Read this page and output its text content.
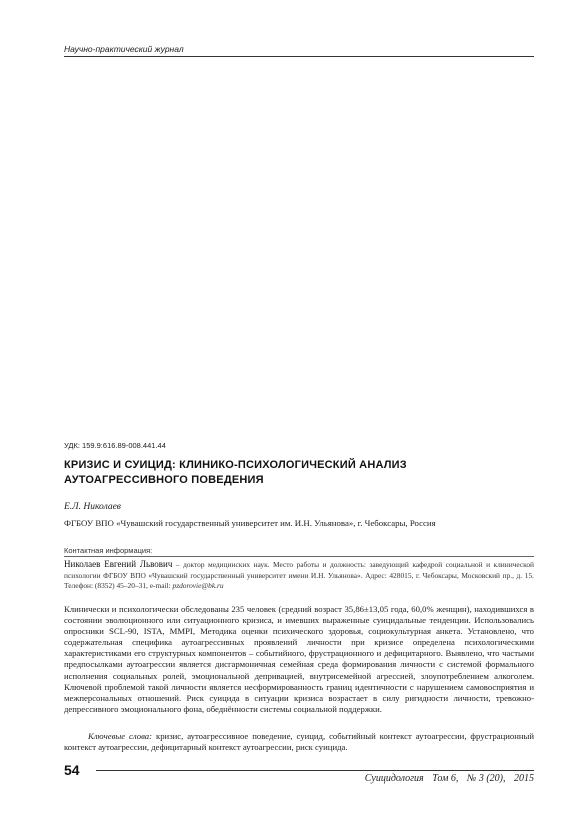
Научно-практический журнал
УДК: 159.9:616.89-008.441.44
КРИЗИС И СУИЦИД: КЛИНИКО-ПСИХОЛОГИЧЕСКИЙ АНАЛИЗ
АУТОАГРЕССИВНОГО ПОВЕДЕНИЯ
Е.Л. Николаев
ФГБОУ ВПО «Чувашский государственный университет им. И.Н. Ульянова», г. Чебоксары, Россия
Контактная информация:
Николаев Евгений Львович – доктор медицинских наук. Место работы и должность: заведующий кафедрой социальной и клинической психологии ФГБОУ ВПО «Чувашский государственный университет имени И.Н. Ульянова». Адрес: 428015, г. Чебоксары, Московский пр., д. 15. Телефон: (8352) 45–20–31, e-mail: pzdorovie@bk.ru

Клинически и психологически обследованы 235 человек (средний возраст 35,86±13,05 года, 60,0% женщин), находившихся в состоянии эволюционного или ситуационного кризиса, и имевших выраженные суицидальные тенденции. Использовались опросники SCL-90, ISTA, MMPI, Методика оценки психического здоровья, социокультурная анкета. Установлено, что содержательная специфика аутоагрессивных проявлений личности при кризисе определена психологическими характеристиками его структурных компонентов – событийного, фрустрационного и дефицитарного. Выявлено, что частыми предпосылками аутоагрессии является дисгармоничная семейная среда формирования личности с системой формального исполнения социальных ролей, эмоциональной депривацией, внутрисемейной агрессией, злоупотреблением алкоголем. Ключевой проблемой такой личности является несформированность границ идентичности с нарушением самовосприятия и межперсональных отношений. Риск суицида в ситуации кризиса возрастает в силу ригидности личности, тревожно-депрессивного эмоционального фона, обеднённости системы социальной поддержки.

Ключевые слова: кризис, аутоагрессивное поведение, суицид, событийный контекст аутоагрессии, фрустрационный контекст аутоагрессии, дефицитарный контекст аутоагрессии, риск суицида.
54
Суицидология Том 6, № 3 (20), 2015
